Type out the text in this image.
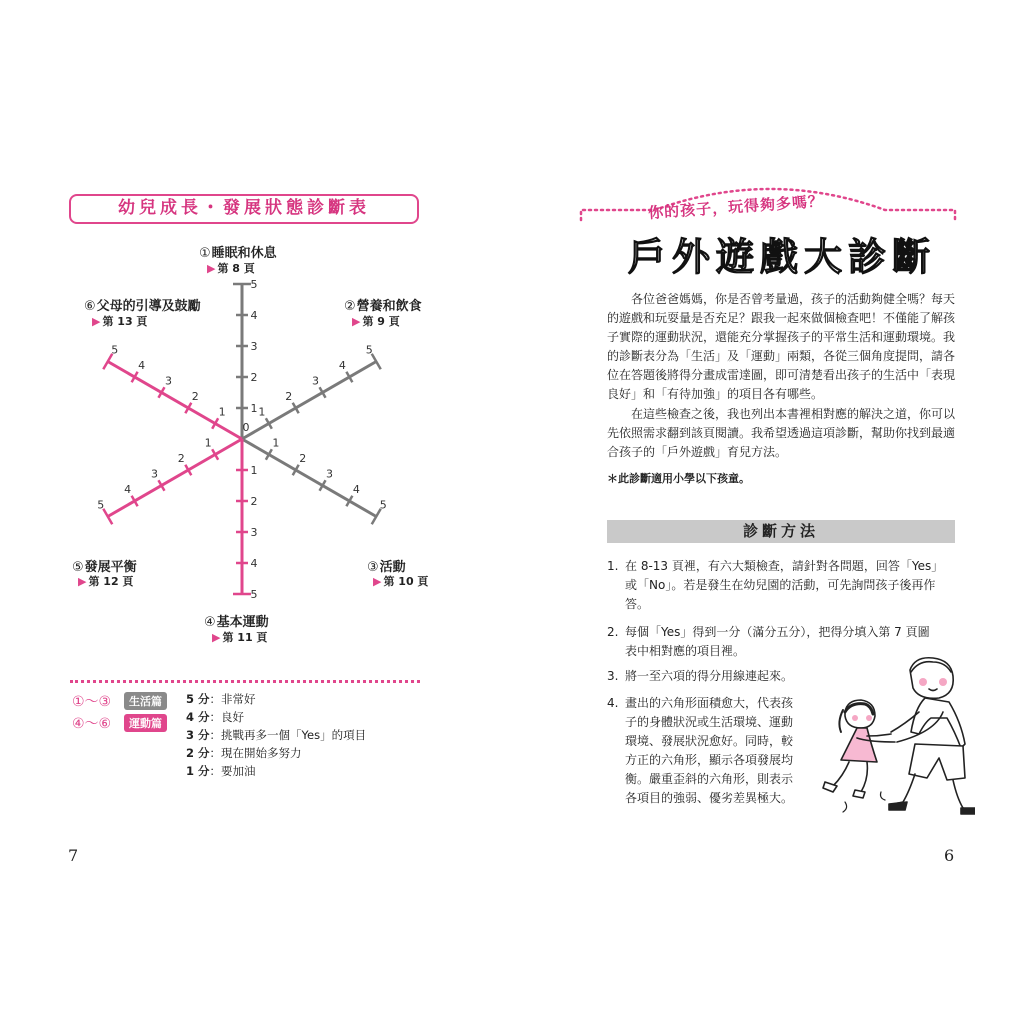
幼兒成長・發展狀態診斷表
1
2
3
4
5
1
2
3
4
5
1
2
3
4
5
1
2
3
4
5
1
2
3
4
5
1
2
3
4
5
0
①睡眠和休息
▶ 第 8 頁
②營養和飲食
▶ 第 9 頁
③活動
▶ 第 10 頁
④基本運動
▶ 第 11 頁
⑤發展平衡
▶ 第 12 頁
⑥父母的引導及鼓勵
▶ 第 13 頁
①〜③	生活篇
④〜⑥	運動篇
5 分：非常好
4 分：良好
3 分：挑戰再多一個「Yes」的項目
2 分：現在開始多努力
1 分：要加油
7
你的孩子，玩得夠多嗎？
戶外遊戲大診斷
各位爸爸媽媽，你是否曾考量過，孩子的活動夠健全嗎？每天的遊戲和玩耍量是否充足？跟我一起來做個檢查吧！不僅能了解孩子實際的運動狀況，還能充分掌握孩子的平常生活和運動環境。我的診斷表分為「生活」及「運動」兩類，各從三個角度提問，請各位在答題後將得分畫成雷達圖，即可清楚看出孩子的生活中「表現良好」和「有待加強」的項目各有哪些。
在這些檢查之後，我也列出本書裡相對應的解決之道，你可以先依照需求翻到該頁閱讀。我希望透過這項診斷，幫助你找到最適合孩子的「戶外遊戲」育兒方法。
＊此診斷適用小學以下孩童。
診斷方法
1. 在 8-13 頁裡，有六大類檢查，請針對各問題，回答「Yes」
或「No」。若是發生在幼兒園的活動，可先詢問孩子後再作
答。
2. 每個「Yes」得到一分（滿分五分），把得分填入第 7 頁圖
表中相對應的項目裡。
3. 將一至六項的得分用線連起來。
4. 畫出的六角形面積愈大，代表孩
子的身體狀況或生活環境、運動
環境、發展狀況愈好。同時，較
方正的六角形，顯示各項發展均
衡。嚴重歪斜的六角形，則表示
各項目的強弱、優劣差異極大。
6
